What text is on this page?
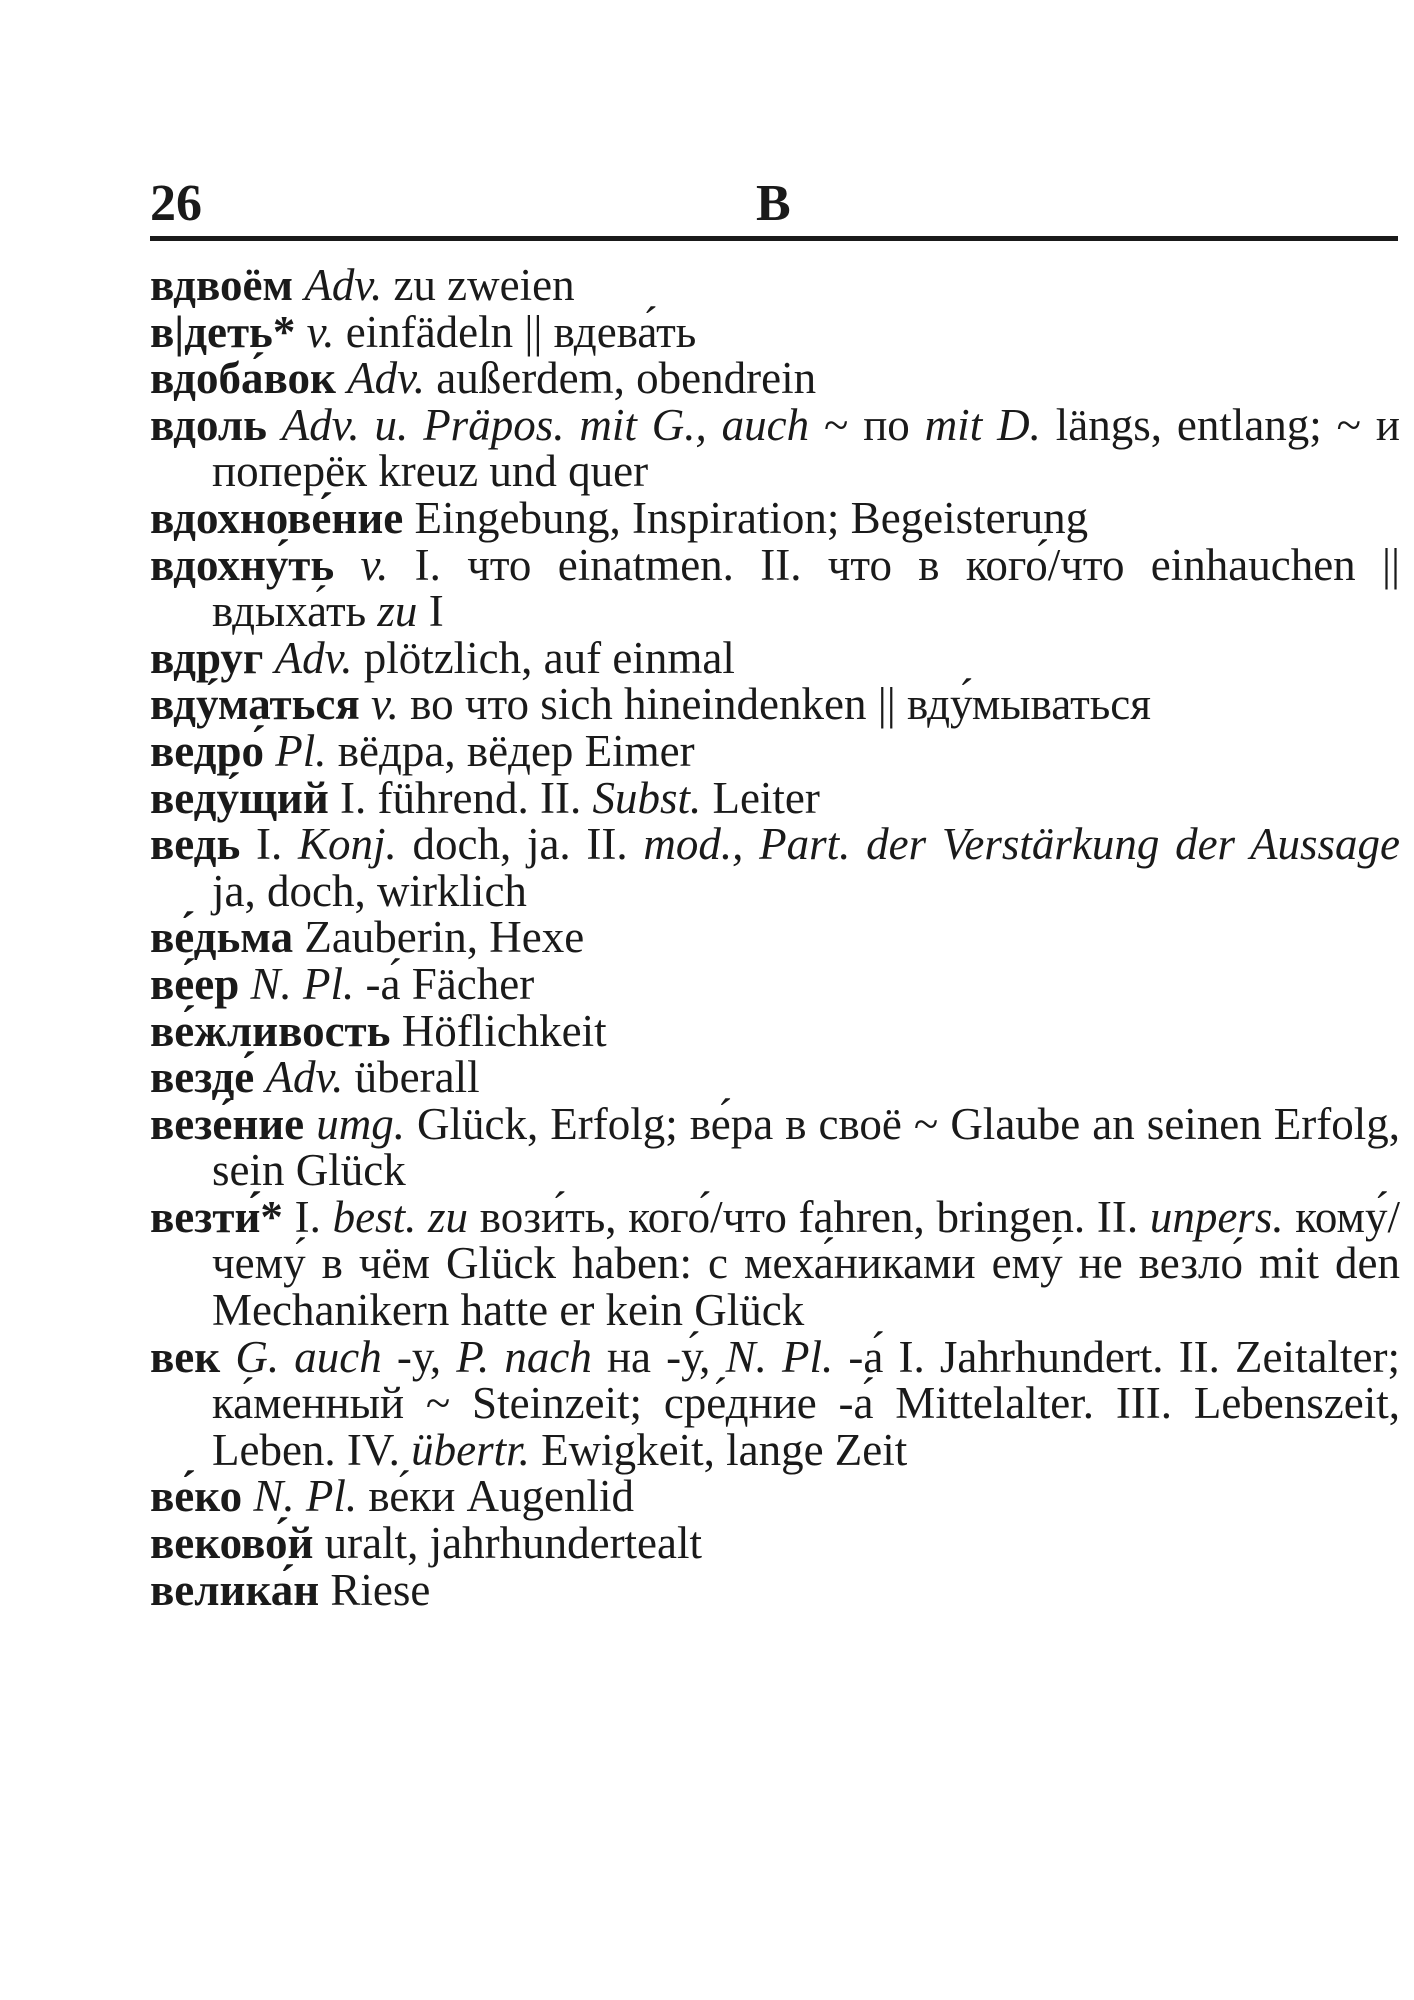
26	В

вдвоём Adv. zu zweien

в|деть* v. einfädeln || вдева́ть

вдоба́вок Adv. außerdem, obendrein

вдоль Adv. u. Präpos. mit G., auch ~ по mit D. längs, entlang; ~ и поперёк kreuz und quer

вдохнове́ние Eingebung, Inspiration; Begeisterung

вдохну́ть v. I. что einatmen. II. что в кого́/что einhauchen || вдыха́ть zu I

вдруг Adv. plötzlich, auf einmal

вду́маться v. во что sich hineindenken || вду́мываться

ведро́ Pl. вёдра, вёдер Eimer

веду́щий I. führend. II. Subst. Leiter

ведь I. Konj. doch, ja. II. mod., Part. der Verstärkung der Aussage ja, doch, wirklich

ве́дьма Zauberin, Hexe

ве́ер N. Pl. -а́ Fächer

ве́жливость Höflichkeit

везде́ Adv. überall

везе́ние umg. Glück, Erfolg; ве́ра в своё ~ Glaube an seinen Erfolg, sein Glück

везти́* I. best. zu вози́ть, кого́/что fahren, bringen. II. unpers. кому́/чему́ в чём Glück haben: с меха́никами ему́ не везло́ mit den Mechanikern hatte er kein Glück

век G. auch -у, P. nach на -у́, N. Pl. -а́ I. Jahrhundert. II. Zeitalter; ка́менный ~ Steinzeit; сре́дние -а́ Mittelalter. III. Lebenszeit, Leben. IV. übertr. Ewigkeit, lange Zeit

ве́ко N. Pl. ве́ки Augenlid

веково́й uralt, jahrhundertealt

велика́н Riese
